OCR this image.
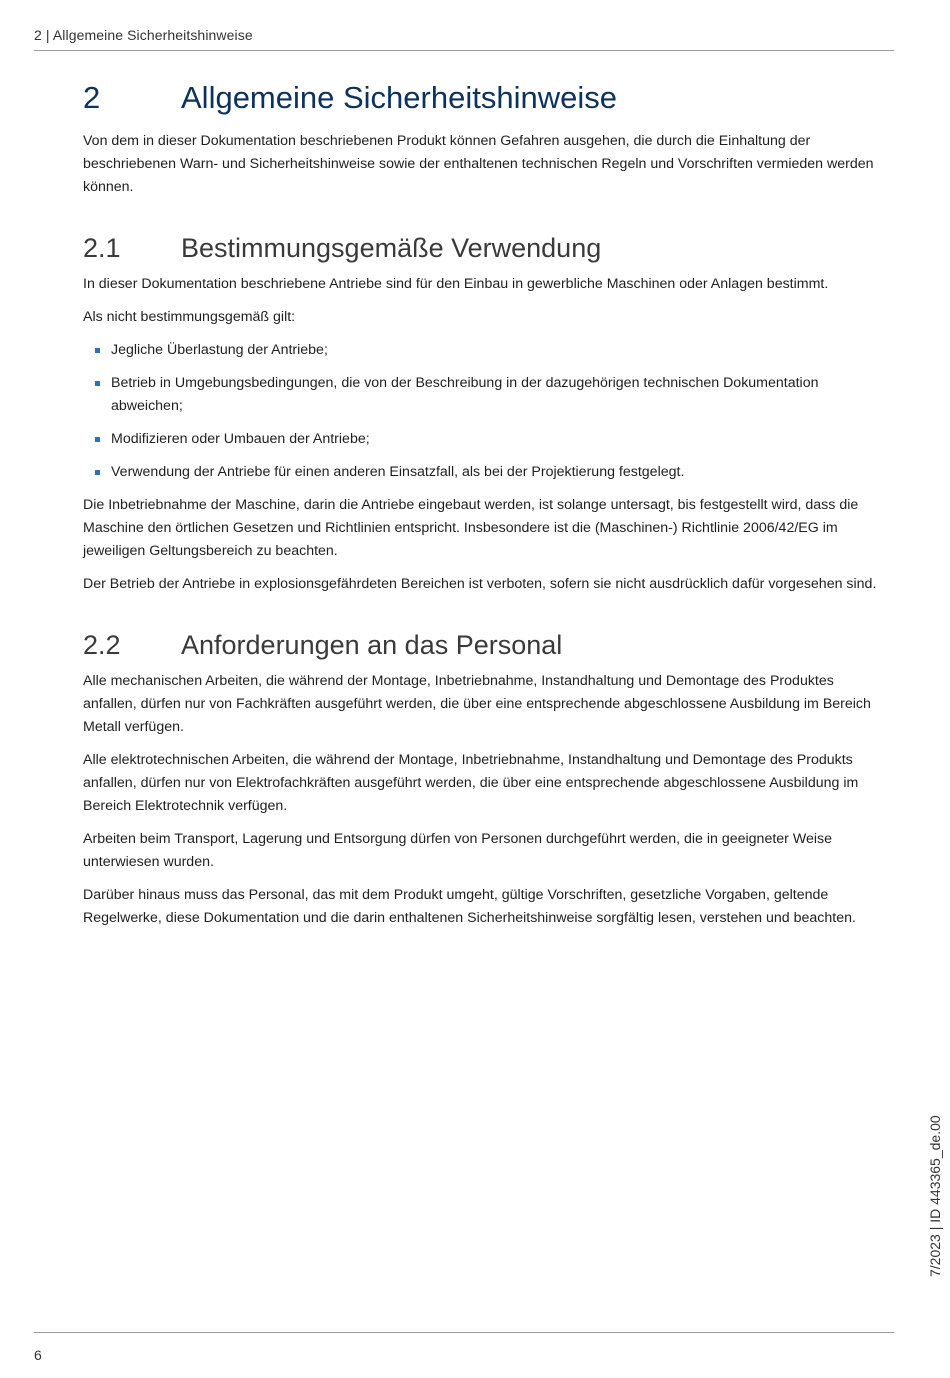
2 | Allgemeine Sicherheitshinweise
2	Allgemeine Sicherheitshinweise

Von dem in dieser Dokumentation beschriebenen Produkt können Gefahren ausgehen, die durch die Einhaltung der beschriebenen Warn- und Sicherheitshinweise sowie der enthaltenen technischen Regeln und Vorschriften vermieden werden können.

2.1	Bestimmungsgemäße Verwendung

In dieser Dokumentation beschriebene Antriebe sind für den Einbau in gewerbliche Maschinen oder Anlagen bestimmt.

Als nicht bestimmungsgemäß gilt:

Jegliche Überlastung der Antriebe;
Betrieb in Umgebungsbedingungen, die von der Beschreibung in der dazugehörigen technischen Dokumentation abweichen;
Modifizieren oder Umbauen der Antriebe;
Verwendung der Antriebe für einen anderen Einsatzfall, als bei der Projektierung festgelegt.

Die Inbetriebnahme der Maschine, darin die Antriebe eingebaut werden, ist solange untersagt, bis festgestellt wird, dass die Maschine den örtlichen Gesetzen und Richtlinien entspricht. Insbesondere ist die (Maschinen-) Richtlinie 2006/42/EG im jeweiligen Geltungsbereich zu beachten.

Der Betrieb der Antriebe in explosionsgefährdeten Bereichen ist verboten, sofern sie nicht ausdrücklich dafür vorgesehen sind.

2.2	Anforderungen an das Personal

Alle mechanischen Arbeiten, die während der Montage, Inbetriebnahme, Instandhaltung und Demontage des Produktes anfallen, dürfen nur von Fachkräften ausgeführt werden, die über eine entsprechende abgeschlossene Ausbildung im Bereich Metall verfügen.

Alle elektrotechnischen Arbeiten, die während der Montage, Inbetriebnahme, Instandhaltung und Demontage des Produkts anfallen, dürfen nur von Elektrofachkräften ausgeführt werden, die über eine entsprechende abgeschlossene Ausbildung im Bereich Elektrotechnik verfügen.

Arbeiten beim Transport, Lagerung und Entsorgung dürfen von Personen durchgeführt werden, die in geeigneter Weise unterwiesen wurden.

Darüber hinaus muss das Personal, das mit dem Produkt umgeht, gültige Vorschriften, gesetzliche Vorgaben, geltende Regelwerke, diese Dokumentation und die darin enthaltenen Sicherheitshinweise sorgfältig lesen, verstehen und beachten.

7/2023 | ID 443365_de.00
6
